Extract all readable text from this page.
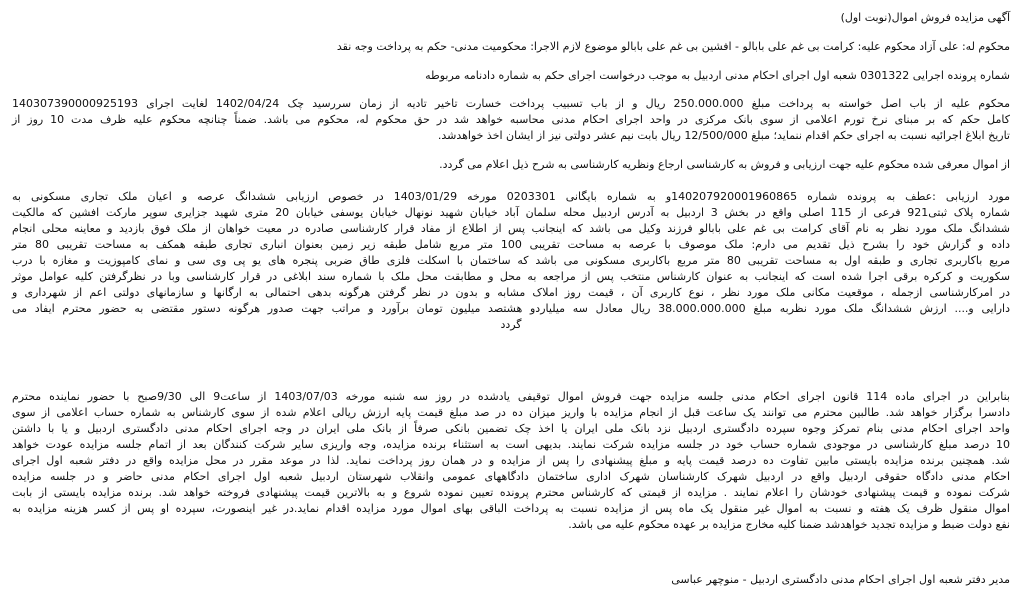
آگهی مزایده فروش اموال(نوبت اول)
محکوم له: علی آزاد محکوم علیه: کرامت بی غم علی بابالو - افشین بی غم علی بابالو موضوع لازم الاجرا: محکومیت مدنی- حکم به پرداخت وجه نقد
شماره پرونده اجرایی 0301322 شعبه اول اجرای احکام مدنی اردبیل به موجب درخواست اجرای حکم به شماره دادنامه مربوطه
محکوم علیه از باب اصل خواسته به پرداخت مبلغ 250.000.000 ریال و از باب تسبیب پرداخت خسارت تاخیر تادیه از زمان سررسید چک 1402/04/24 لغایت اجرای 140307390000925193
کامل حکم که بر مبنای نرخ تورم اعلامی از سوی بانک مرکزی در واحد اجرای احکام مدنی محاسبه خواهد شد در حق محکوم له، محکوم می باشد. ضمناً چنانچه محکوم علیه ظرف مدت 10 روز از
تاریخ ابلاغ اجرائیه نسبت به اجرای حکم اقدام ننماید؛ مبلغ 12/500/000 ریال بابت نیم عشر دولتی نیز از ایشان اخذ خواهدشد.
از اموال معرفی شده محکوم علیه جهت ارزیابی و فروش به کارشناسی ارجاع ونظریه کارشناسی به شرح ذیل اعلام می گردد.
مورد ارزیابی :عطف به پرونده شماره 140207920001960865و به شماره بایگانی 0203301 مورخه 1403/01/29 در خصوص ارزیابی ششدانگ عرصه و اعیان ملک تجاری مسکونی به
شماره پلاک ثبتی921 فرعی از 115 اصلی واقع در بخش 3 اردبیل به آدرس اردبیل محله سلمان آباد خیابان شهید نونهال خیابان یوسفی خیابان 20 متری شهید جزایری سوپر مارکت افشین که مالکیت
ششدانگ ملک مورد نظر به نام آقای کرامت بی غم علی بابالو فرزند وکیل می باشد که اینجانب پس از اطلاع از مفاد قرار کارشناسی صادره در معیت خواهان از ملک فوق بازدید و معاینه محلی انجام
داده و گزارش خود را بشرح ذیل تقدیم می دارم: ملک موصوف با عرصه به مساحت تقریبی 100 متر مربع شامل طبقه زیر زمین بعنوان انباری تجاری طبقه همکف به مساحت تقریبی 80 متر
مربع باکاربری تجاری و طبقه اول به مساحت تقریبی 80 متر مربع باکاربری مسکونی می باشد که ساختمان با اسکلت فلزی طاق ضربی پنجره های یو پی وی سی و نمای کامپوزیت و مغازه با درب
سکوریت و کرکره برقی اجرا شده است که اینجانب به عنوان کارشناس منتخب پس از مراجعه به محل و مطابقت محل ملک با شماره سند ابلاغی در قرار کارشناسی وبا در نظرگرفتن کلیه عوامل موثر
در امرکارشناسی ازجمله ، موقعیت مکانی ملک مورد نظر ، نوع کاربری آن ، قیمت روز املاک مشابه و بدون در نظر گرفتن هرگونه بدهی احتمالی به ارگانها و سازمانهای دولتی اعم از شهرداری و
دارایی و.... ارزش ششدانگ ملک مورد نظربه مبلغ 38.000.000.000 ریال معادل سه میلیاردو هشتصد میلیون تومان برآورد و مراتب جهت صدور هرگونه دستور مقتضی به حضور محترم ایفاد می
گردد
بنابراین در اجرای ماده 114 قانون اجرای احکام مدنی جلسه مزایده جهت فروش اموال توقیفی یادشده در روز سه شنبه مورخه 1403/07/03 از ساعت9 الی 9/30صبح با حضور نماینده محترم
دادسرا برگزار خواهد شد. طالبین محترم می توانند یک ساعت قبل از انجام مزایده با واریز میزان ده در صد مبلغ قیمت پایه ارزش ریالی اعلام شده از سوی کارشناس به شماره حساب اعلامی از سوی
واحد اجرای احکام مدنی بنام تمرکز وجوه سپرده دادگستری اردبیل نزد بانک ملی ایران یا اخذ چک تضمین بانکی صرفاً از بانک ملی ایران در وجه اجرای احکام مدنی دادگستری اردبیل و یا با داشتن
10 درصد مبلغ کارشناسی در موجودی شماره حساب خود در جلسه مزایده شرکت نمایند. بدیهی است به استثناء برنده مزایده، وجه واریزی سایر شرکت کنندگان بعد از اتمام جلسه مزایده عودت خواهد
شد. همچنین برنده مزایده بایستی مابین تفاوت ده درصد قیمت پایه و مبلغ پیشنهادی را پس از مزایده و در همان روز پرداخت نماید. لذا در موعد مقرر در محل مزایده واقع در دفتر شعبه اول اجرای
احکام مدنی دادگاه حقوقی اردبیل واقع در اردبیل شهرک کارشناسان شهرک اداری ساختمان دادگاههای عمومی وانقلاب شهرستان اردبیل شعبه اول اجرای احکام مدنی حاضر و در جلسه مزایده
شرکت نموده و قیمت پیشنهادی خودشان را اعلام نمایند . مزایده از قیمتی که کارشناس محترم پرونده تعیین نموده شروع و به بالاترین قیمت پیشنهادی فروخته خواهد شد. برنده مزایده بایستی از بابت
اموال منقول ظرف یک هفته و نسبت به اموال غیر منقول یک ماه پس از مزایده نسبت به پرداخت الباقی بهای اموال مورد مزایده اقدام نماید.در غیر اینصورت، سپرده او پس از کسر هزینه مزایده به
نفع دولت ضبط و مزایده تجدید خواهدشد ضمنا کلیه مخارج مزایده بر عهده محکوم علیه می باشد.
مدیر دفتر شعبه اول اجرای احکام مدنی دادگستری اردبیل - منوچهر عباسی
